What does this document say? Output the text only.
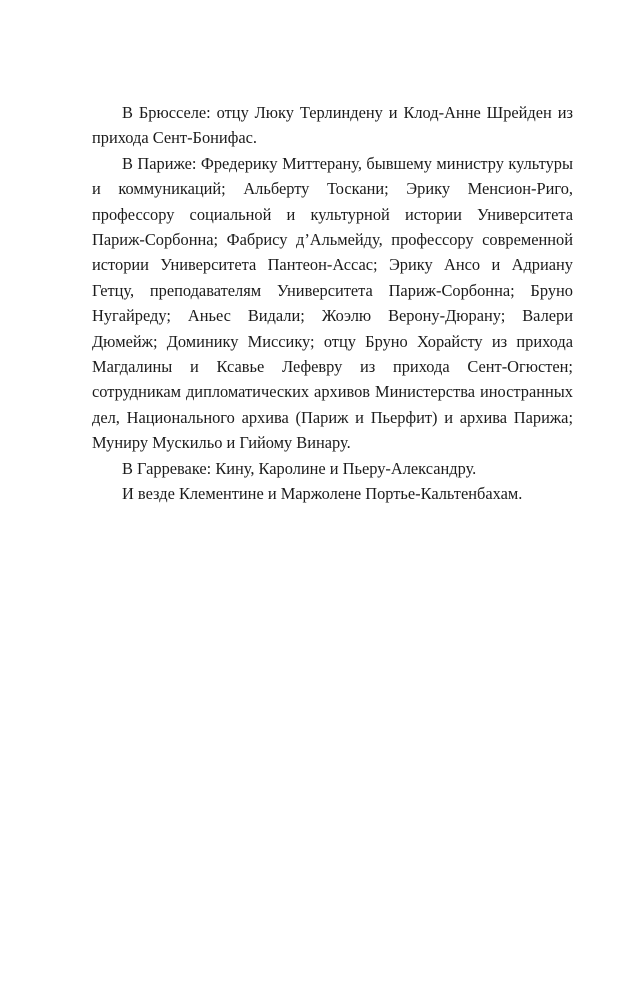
В Брюсселе: отцу Люку Терлиндену и Клод-Анне Шрейден из прихода Сент-Бонифас.

В Париже: Фредерику Миттерану, бывшему министру культуры и коммуникаций; Альберту Тоскани; Эрику Менсион-Риго, профессору социальной и культурной истории Университета Париж-Сорбонна; Фабрису д’Альмейду, профессору современной истории Университета Пантеон-Ассас; Эрику Ансо и Адриану Гетцу, преподавателям Университета Париж-Сорбонна; Бруно Нугайреду; Аньес Видали; Жоэлю Верону-Дюрану; Валери Дюмейж; Доминику Миссику; отцу Бруно Хорайсту из прихода Магдалины и Ксавье Лефевру из прихода Сент-Огюстен; сотрудникам дипломатических архивов Министерства иностранных дел, Национального архива (Париж и Пьерфит) и архива Парижа; Муниру Мускильо и Гийому Винару.

В Гарреваке: Кину, Каролине и Пьеру-Александру.

И везде Клементине и Маржолене Портье-Кальтенбахам.
